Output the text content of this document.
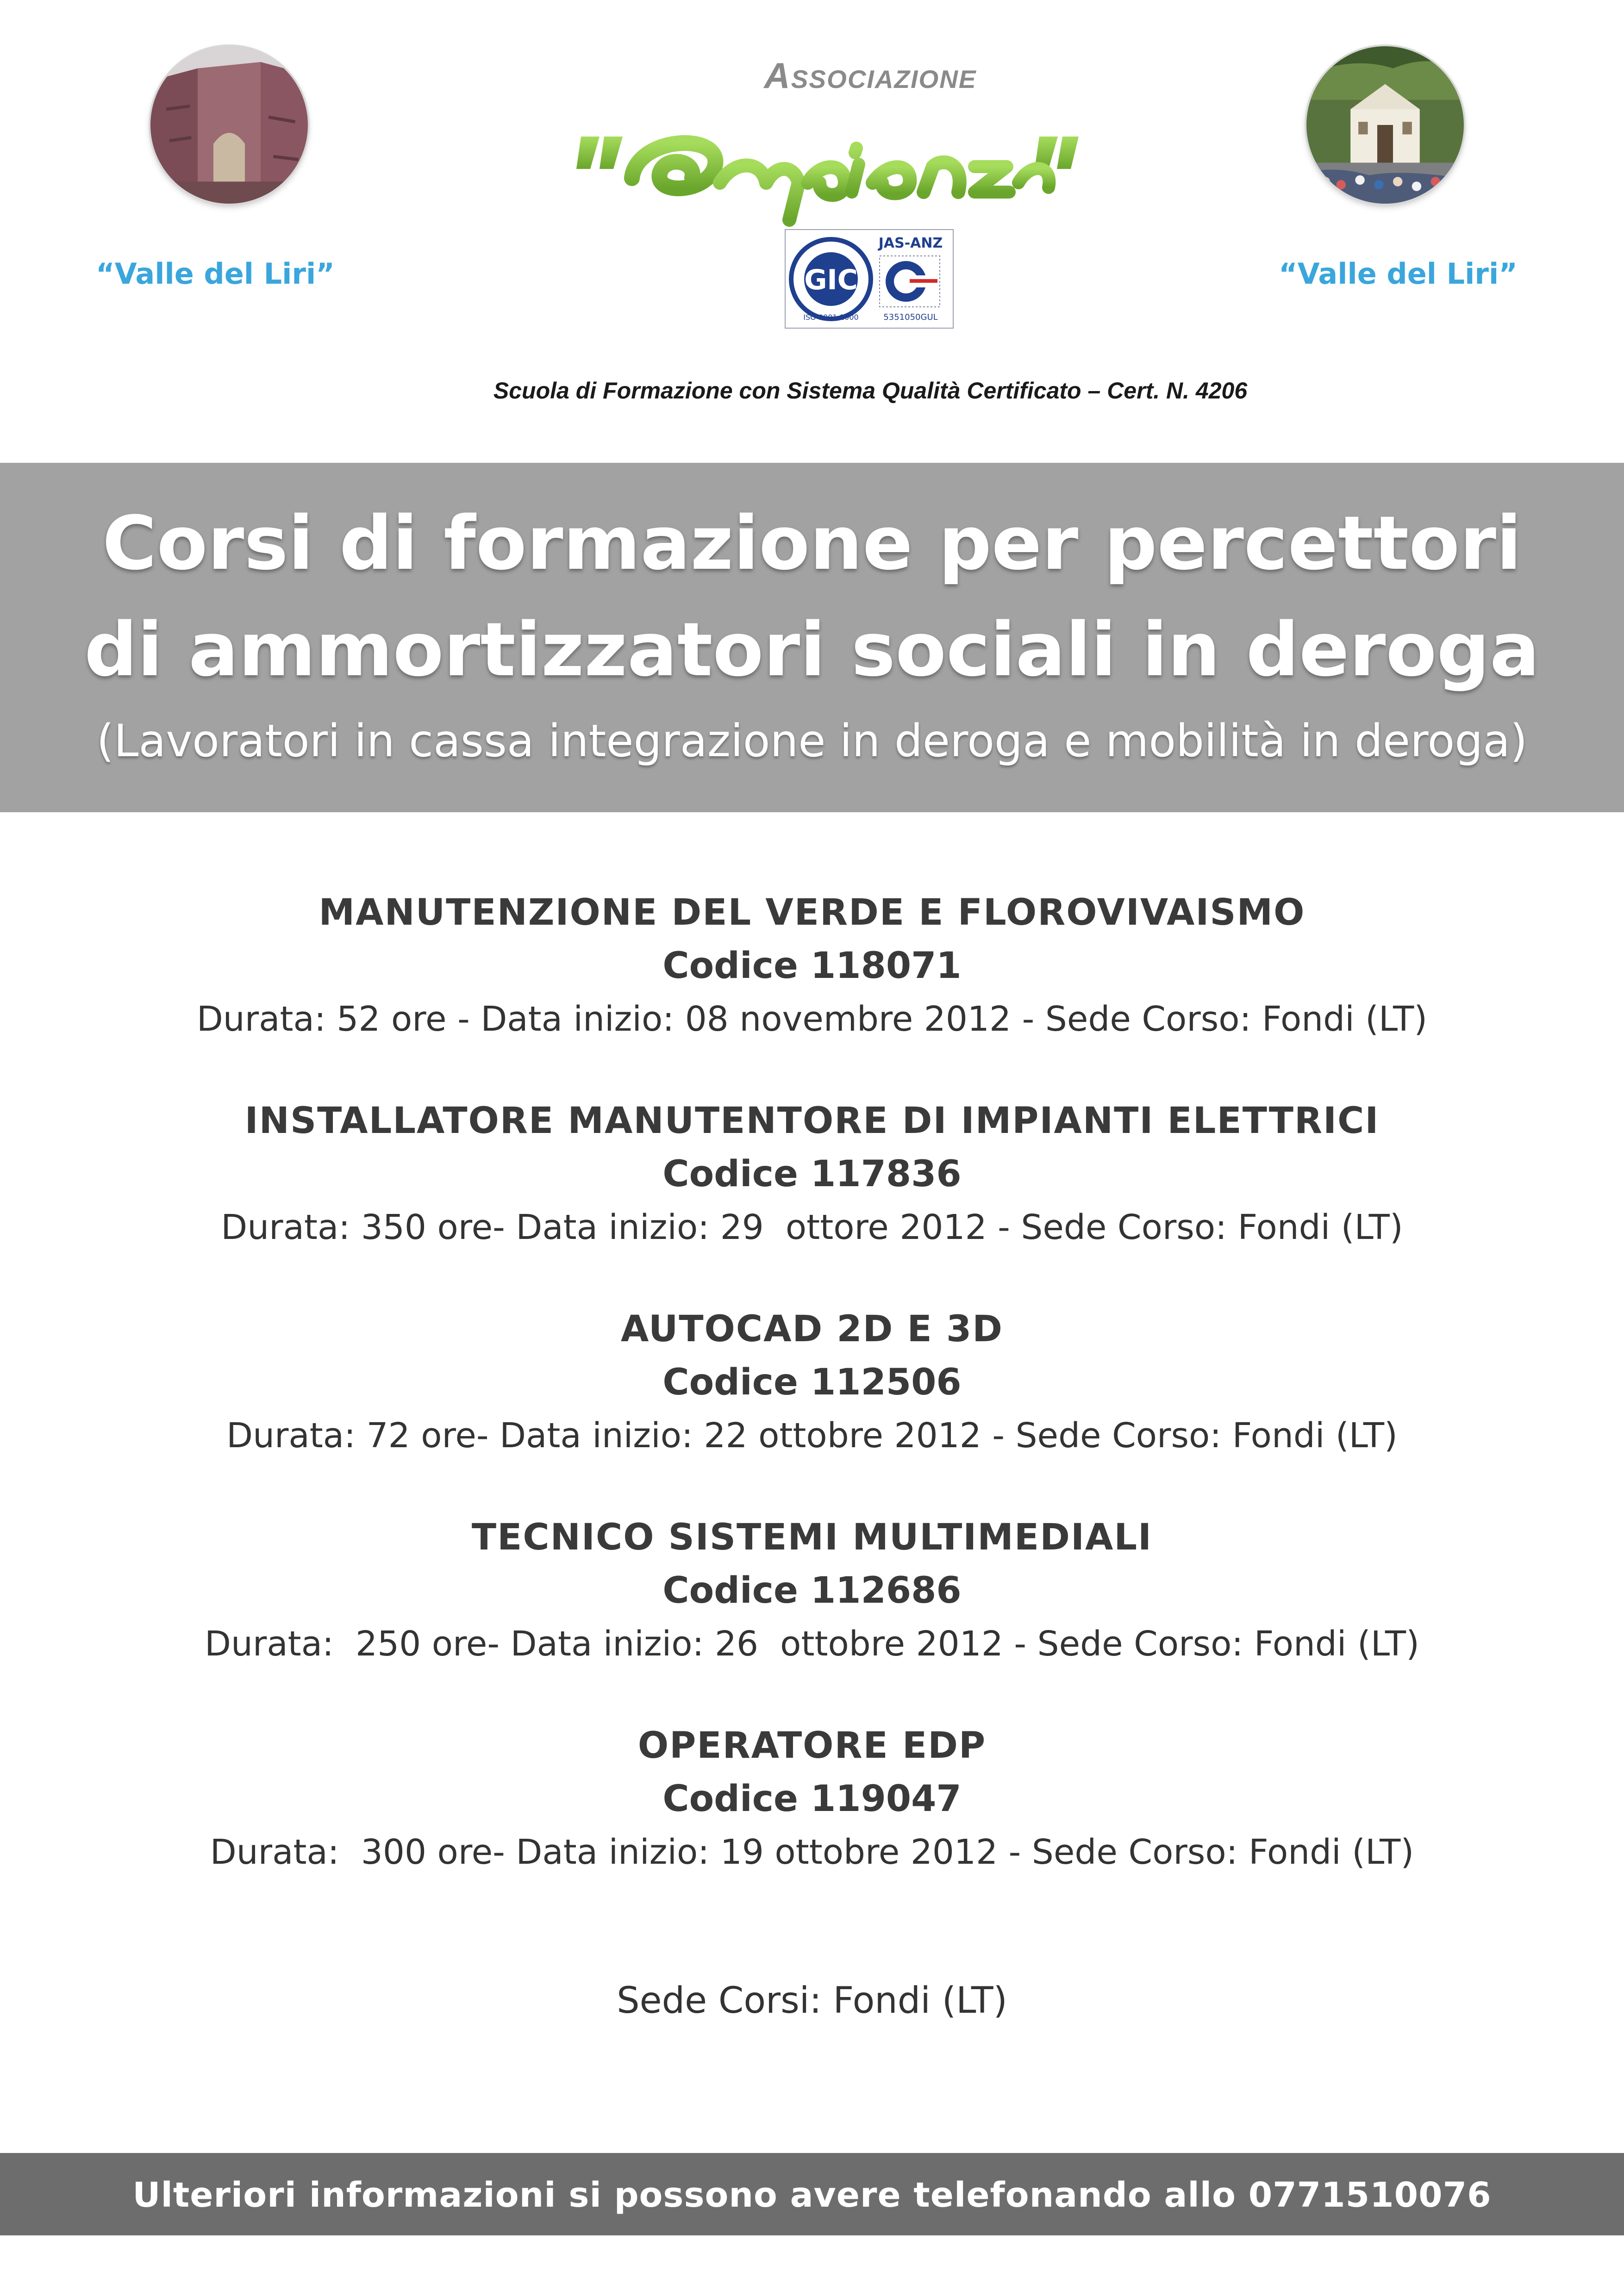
“Valle del Liri”	“Valle del Liri”
Associazione
GIC
ISO 9001:2000
JAS-ANZ
5351050GUL
Scuola di Formazione con Sistema Qualità Certificato – Cert. N. 4206
Corsi di formazione per percettori
di ammortizzatori sociali in deroga
(Lavoratori in cassa integrazione in deroga e mobilità in deroga)
MANUTENZIONE DEL VERDE E FLOROVIVAISMO
Codice 118071
Durata: 52 ore - Data inizio: 08 novembre 2012 - Sede Corso: Fondi (LT)
INSTALLATORE MANUTENTORE DI IMPIANTI ELETTRICI
Codice 117836
Durata: 350 ore- Data inizio: 29  ottore 2012 - Sede Corso: Fondi (LT)
AUTOCAD 2D E 3D
Codice 112506
Durata: 72 ore- Data inizio: 22 ottobre 2012 - Sede Corso: Fondi (LT)
TECNICO SISTEMI MULTIMEDIALI
Codice 112686
Durata:  250 ore- Data inizio: 26  ottobre 2012 - Sede Corso: Fondi (LT)
OPERATORE EDP
Codice 119047
Durata:  300 ore- Data inizio: 19 ottobre 2012 - Sede Corso: Fondi (LT)
Sede Corsi: Fondi (LT)
Ulteriori informazioni si possono avere telefonando allo 0771510076
